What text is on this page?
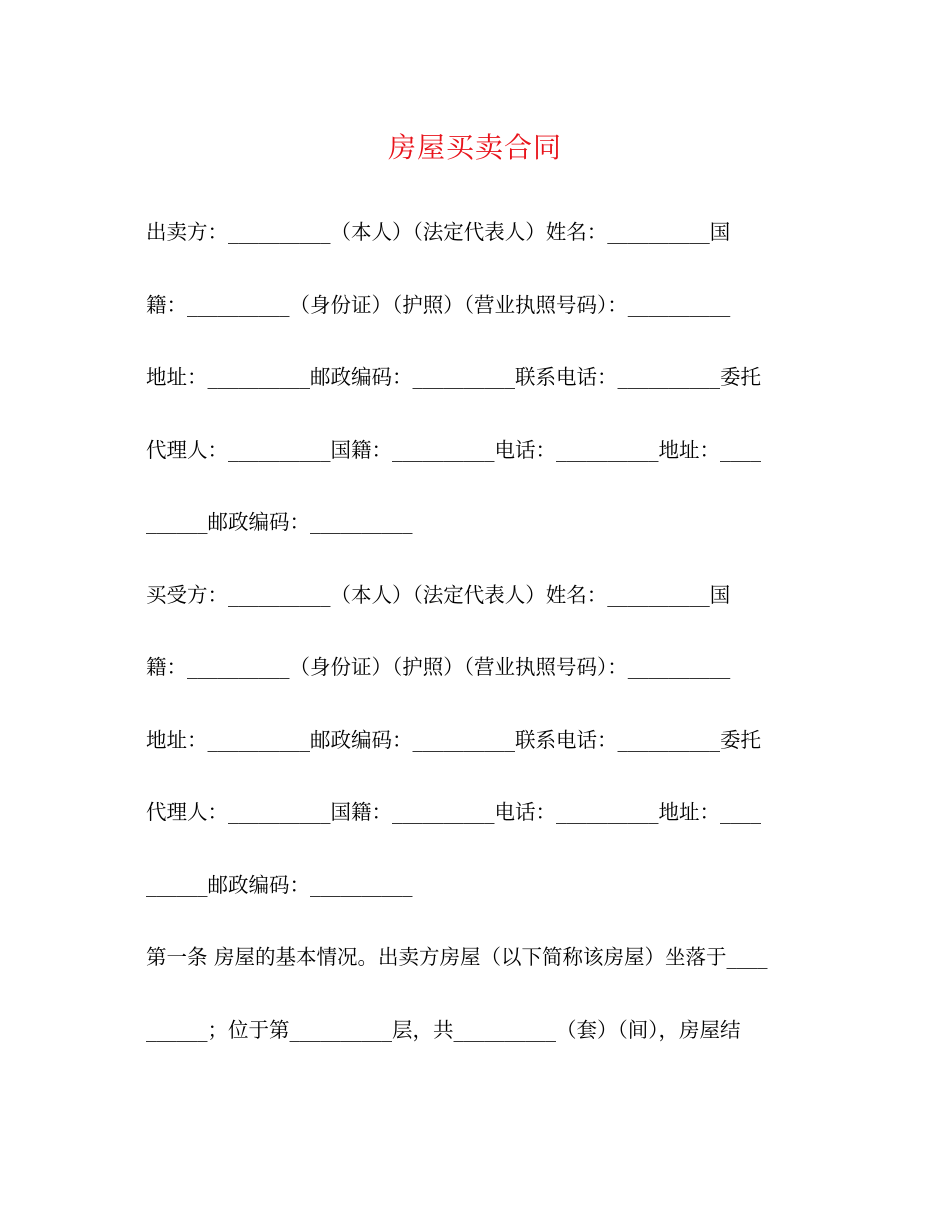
房屋买卖合同
出卖方：__________（本人）（法定代表人）姓名：__________国
籍：__________（身份证）（护照）（营业执照号码）：__________
地址：__________邮政编码：__________联系电话：__________委托
代理人：__________国籍：__________电话：__________地址：____
______邮政编码：__________
买受方：__________（本人）（法定代表人）姓名：__________国
籍：__________（身份证）（护照）（营业执照号码）：__________
地址：__________邮政编码：__________联系电话：__________委托
代理人：__________国籍：__________电话：__________地址：____
______邮政编码：__________
第一条 房屋的基本情况。出卖方房屋（以下简称该房屋）坐落于____
______；位于第__________层，共__________（套）（间），房屋结
